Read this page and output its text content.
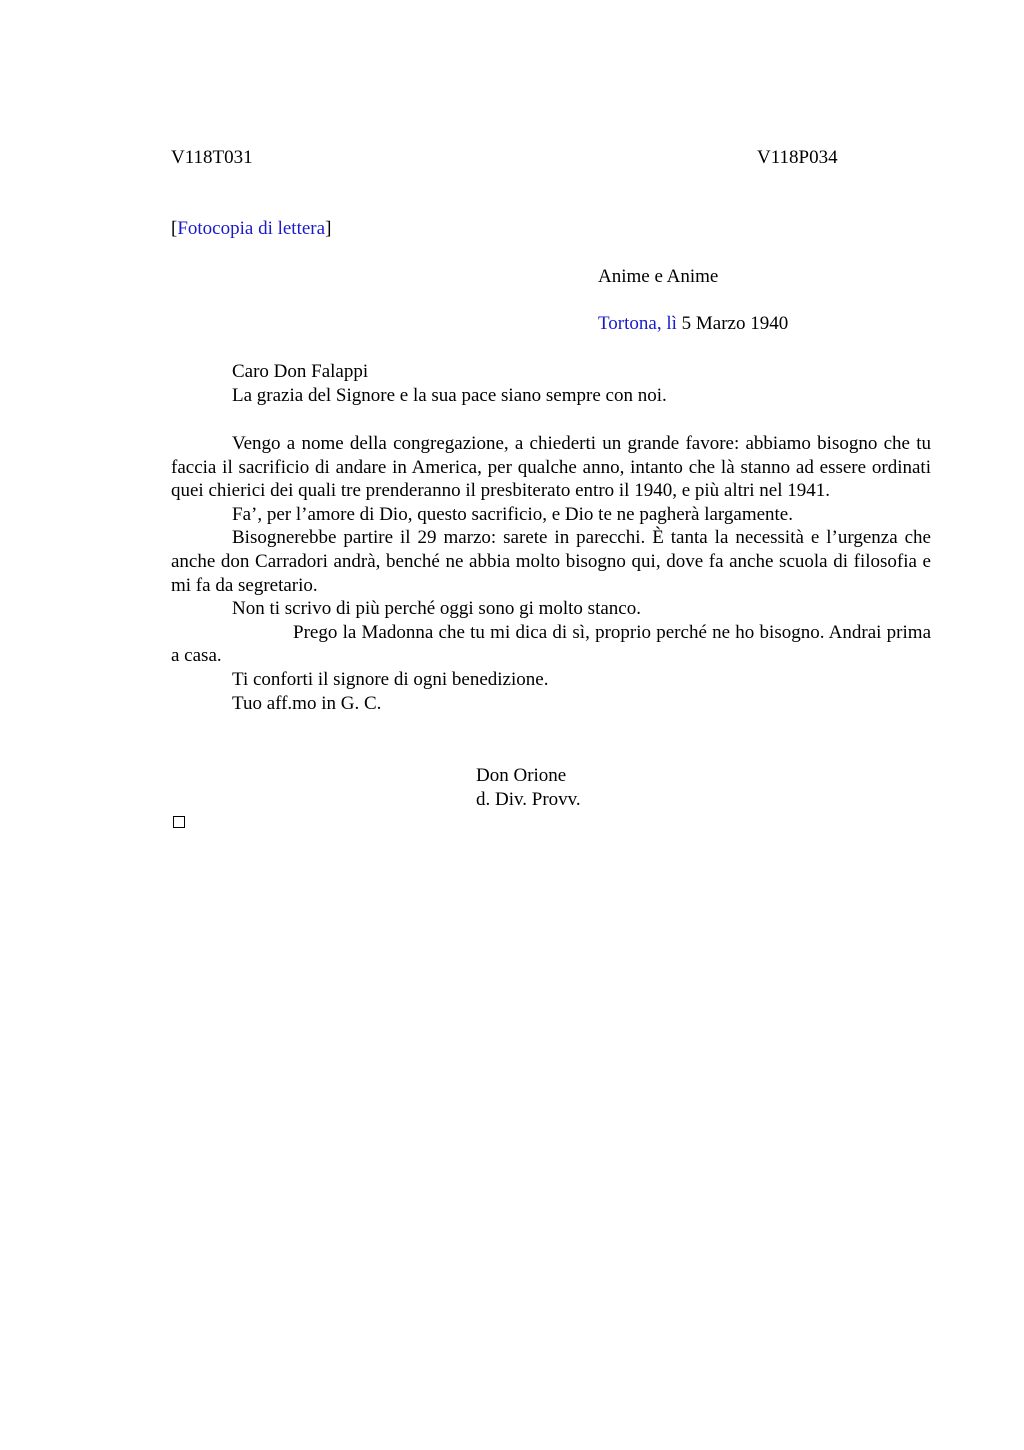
V118T031	V118P034
[Fotocopia di lettera]
Anime e Anime
Tortona, lì 5 Marzo 1940
Caro Don Falappi
La grazia del Signore e la sua pace siano sempre con noi.

Vengo a nome della congregazione, a chiederti un grande favore: abbiamo bisogno che tu faccia il sacrificio di andare in America, per qualche anno, intanto che là stanno ad essere ordinati quei chierici dei quali tre prenderanno il presbiterato entro il 1940, e più altri nel 1941.

Fa’, per l’amore di Dio, questo sacrificio, e Dio te ne pagherà largamente.

Bisognerebbe partire il 29 marzo: sarete in parecchi. È tanta la necessità e l’urgenza che anche don Carradori andrà, benché ne abbia molto bisogno qui, dove fa anche scuola di filosofia e mi fa da segretario.

Non ti scrivo di più perché oggi sono gi molto stanco.

Prego la Madonna che tu mi dica di sì, proprio perché ne ho bisogno. Andrai prima a casa.

Ti conforti il signore di ogni benedizione.

Tuo aff.mo in G. C.

Don Orione
d. Div. Provv.
